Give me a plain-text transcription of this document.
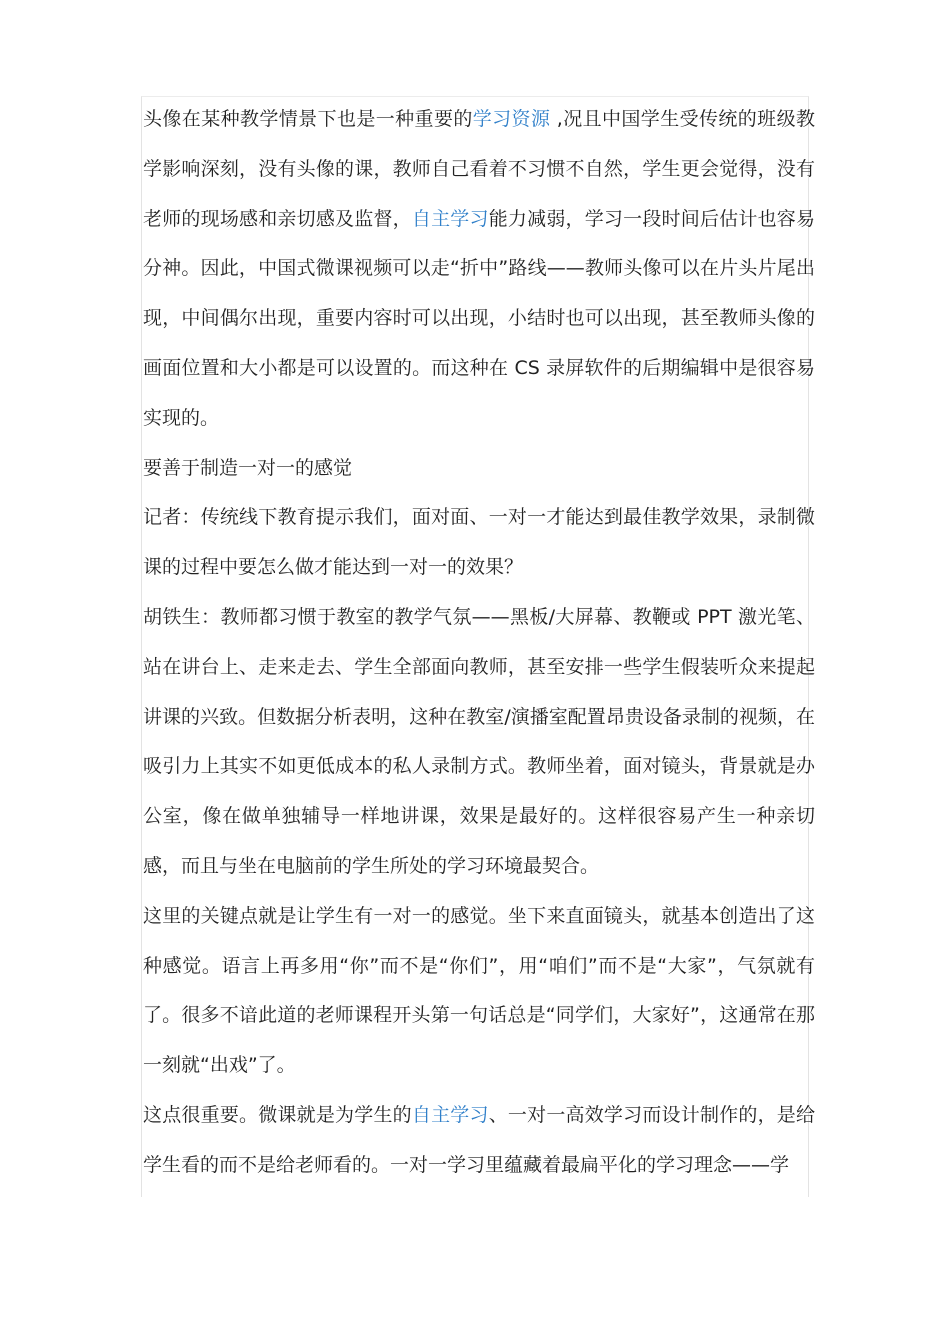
头像在某种教学情景下也是一种重要的学习资源 ,况且中国学生受传统的班级教学影响深刻，没有头像的课，教师自己看着不习惯不自然，学生更会觉得，没有老师的现场感和亲切感及监督，自主学习能力减弱，学习一段时间后估计也容易分神。因此，中国式微课视频可以走“折中”路线——教师头像可以在片头片尾出现，中间偶尔出现，重要内容时可以出现，小结时也可以出现，甚至教师头像的画面位置和大小都是可以设置的。而这种在 CS 录屏软件的后期编辑中是很容易实现的。

要善于制造一对一的感觉

记者：传统线下教育提示我们，面对面、一对一才能达到最佳教学效果，录制微课的过程中要怎么做才能达到一对一的效果？

胡铁生：教师都习惯于教室的教学气氛——黑板/大屏幕、教鞭或 PPT 激光笔、站在讲台上、走来走去、学生全部面向教师，甚至安排一些学生假装听众来提起讲课的兴致。但数据分析表明，这种在教室/演播室配置昂贵设备录制的视频，在吸引力上其实不如更低成本的私人录制方式。教师坐着，面对镜头，背景就是办公室，像在做单独辅导一样地讲课，效果是最好的。这样很容易产生一种亲切感，而且与坐在电脑前的学生所处的学习环境最契合。

这里的关键点就是让学生有一对一的感觉。坐下来直面镜头，就基本创造出了这种感觉。语言上再多用“你”而不是“你们”，用“咱们”而不是“大家”，气氛就有了。很多不谙此道的老师课程开头第一句话总是“同学们，大家好”，这通常在那一刻就“出戏”了。

这点很重要。微课就是为学生的自主学习、一对一高效学习而设计制作的，是给学生看的而不是给老师看的。一对一学习里蕴藏着最扁平化的学习理念——学
